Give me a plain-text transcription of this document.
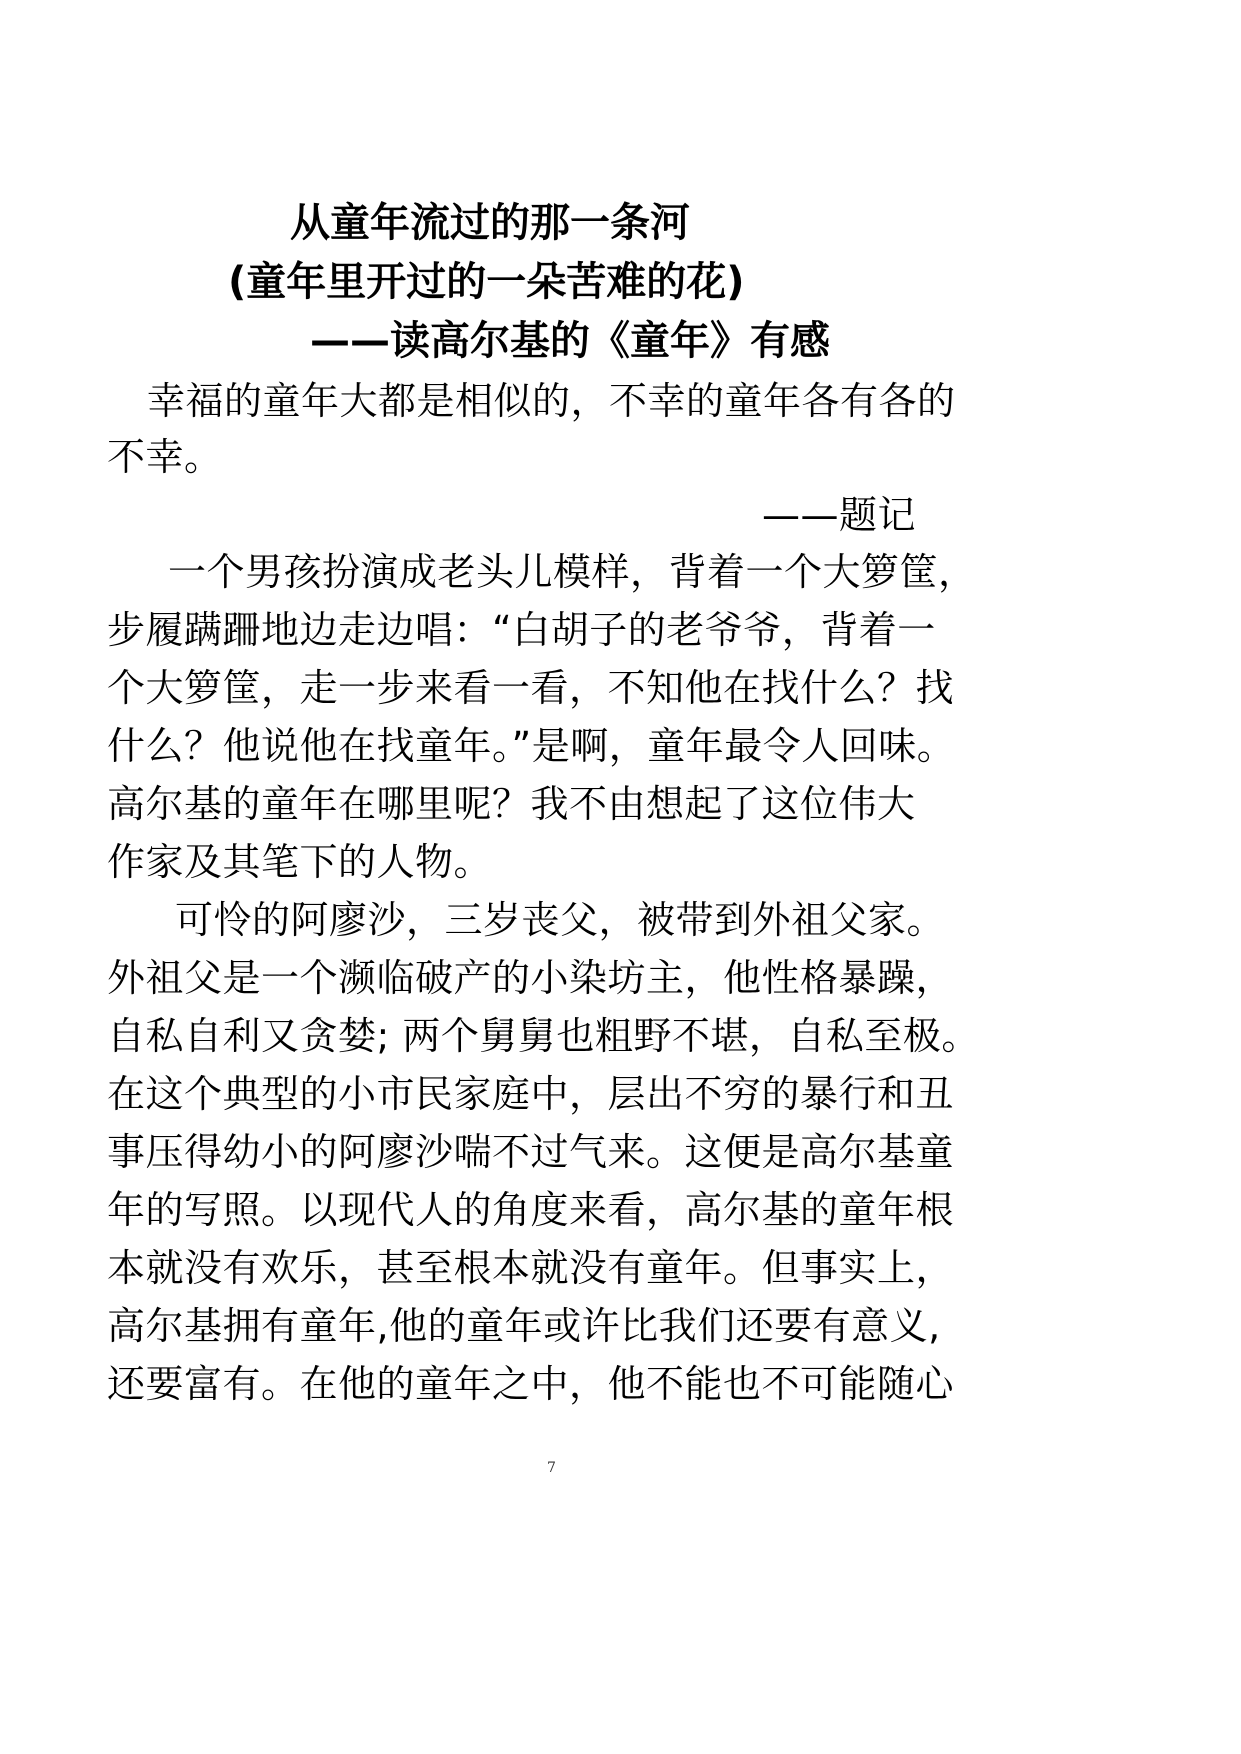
从童年流过的那一条河
(童年里开过的一朵苦难的花)
——读高尔基的《童年》有感
幸福的童年大都是相似的，不幸的童年各有各的
不幸。
——题记
一个男孩扮演成老头儿模样，背着一个大箩筐，
步履蹒跚地边走边唱：“白胡子的老爷爷，背着一
个大箩筐，走一步来看一看，不知他在找什么？找
什么？他说他在找童年。”是啊，童年最令人回味。
高尔基的童年在哪里呢？我不由想起了这位伟大
作家及其笔下的人物。
可怜的阿廖沙，三岁丧父，被带到外祖父家。
外祖父是一个濒临破产的小染坊主，他性格暴躁，
自私自利又贪婪; 两个舅舅也粗野不堪，自私至极。
在这个典型的小市民家庭中，层出不穷的暴行和丑
事压得幼小的阿廖沙喘不过气来。这便是高尔基童
年的写照。以现代人的角度来看，高尔基的童年根
本就没有欢乐，甚至根本就没有童年。但事实上，
高尔基拥有童年,他的童年或许比我们还要有意义,
还要富有。在他的童年之中，他不能也不可能随心
7
